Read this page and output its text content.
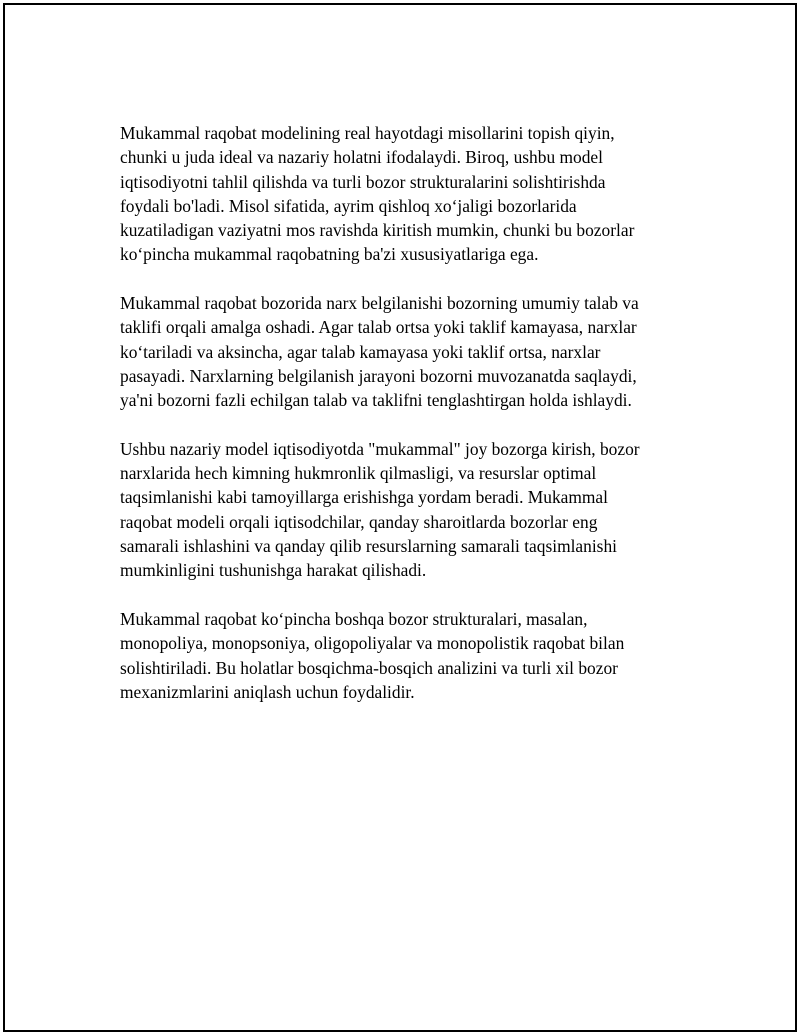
Mukammal raqobat modelining real hayotdagi misollarini topish qiyin,
chunki u juda ideal va nazariy holatni ifodalaydi. Biroq, ushbu model
iqtisodiyotni tahlil qilishda va turli bozor strukturalarini solishtirishda
foydali bo'ladi. Misol sifatida, ayrim qishloq xo‘jaligi bozorlarida
kuzatiladigan vaziyatni mos ravishda kiritish mumkin, chunki bu bozorlar
ko‘pincha mukammal raqobatning ba'zi xususiyatlariga ega.

Mukammal raqobat bozorida narx belgilanishi bozorning umumiy talab va
taklifi orqali amalga oshadi. Agar talab ortsa yoki taklif kamayasa, narxlar
ko‘tariladi va aksincha, agar talab kamayasa yoki taklif ortsa, narxlar
pasayadi. Narxlarning belgilanish jarayoni bozorni muvozanatda saqlaydi,
ya'ni bozorni fazli echilgan talab va taklifni tenglashtirgan holda ishlaydi.

Ushbu nazariy model iqtisodiyotda "mukammal" joy bozorga kirish, bozor
narxlarida hech kimning hukmronlik qilmasligi, va resurslar optimal
taqsimlanishi kabi tamoyillarga erishishga yordam beradi. Mukammal
raqobat modeli orqali iqtisodchilar, qanday sharoitlarda bozorlar eng
samarali ishlashini va qanday qilib resurslarning samarali taqsimlanishi
mumkinligini tushunishga harakat qilishadi.

Mukammal raqobat ko‘pincha boshqa bozor strukturalari, masalan,
monopoliya, monopsoniya, oligopoliyalar va monopolistik raqobat bilan
solishtiriladi. Bu holatlar bosqichma-bosqich analizini va turli xil bozor
mexanizmlarini aniqlash uchun foydalidir.
